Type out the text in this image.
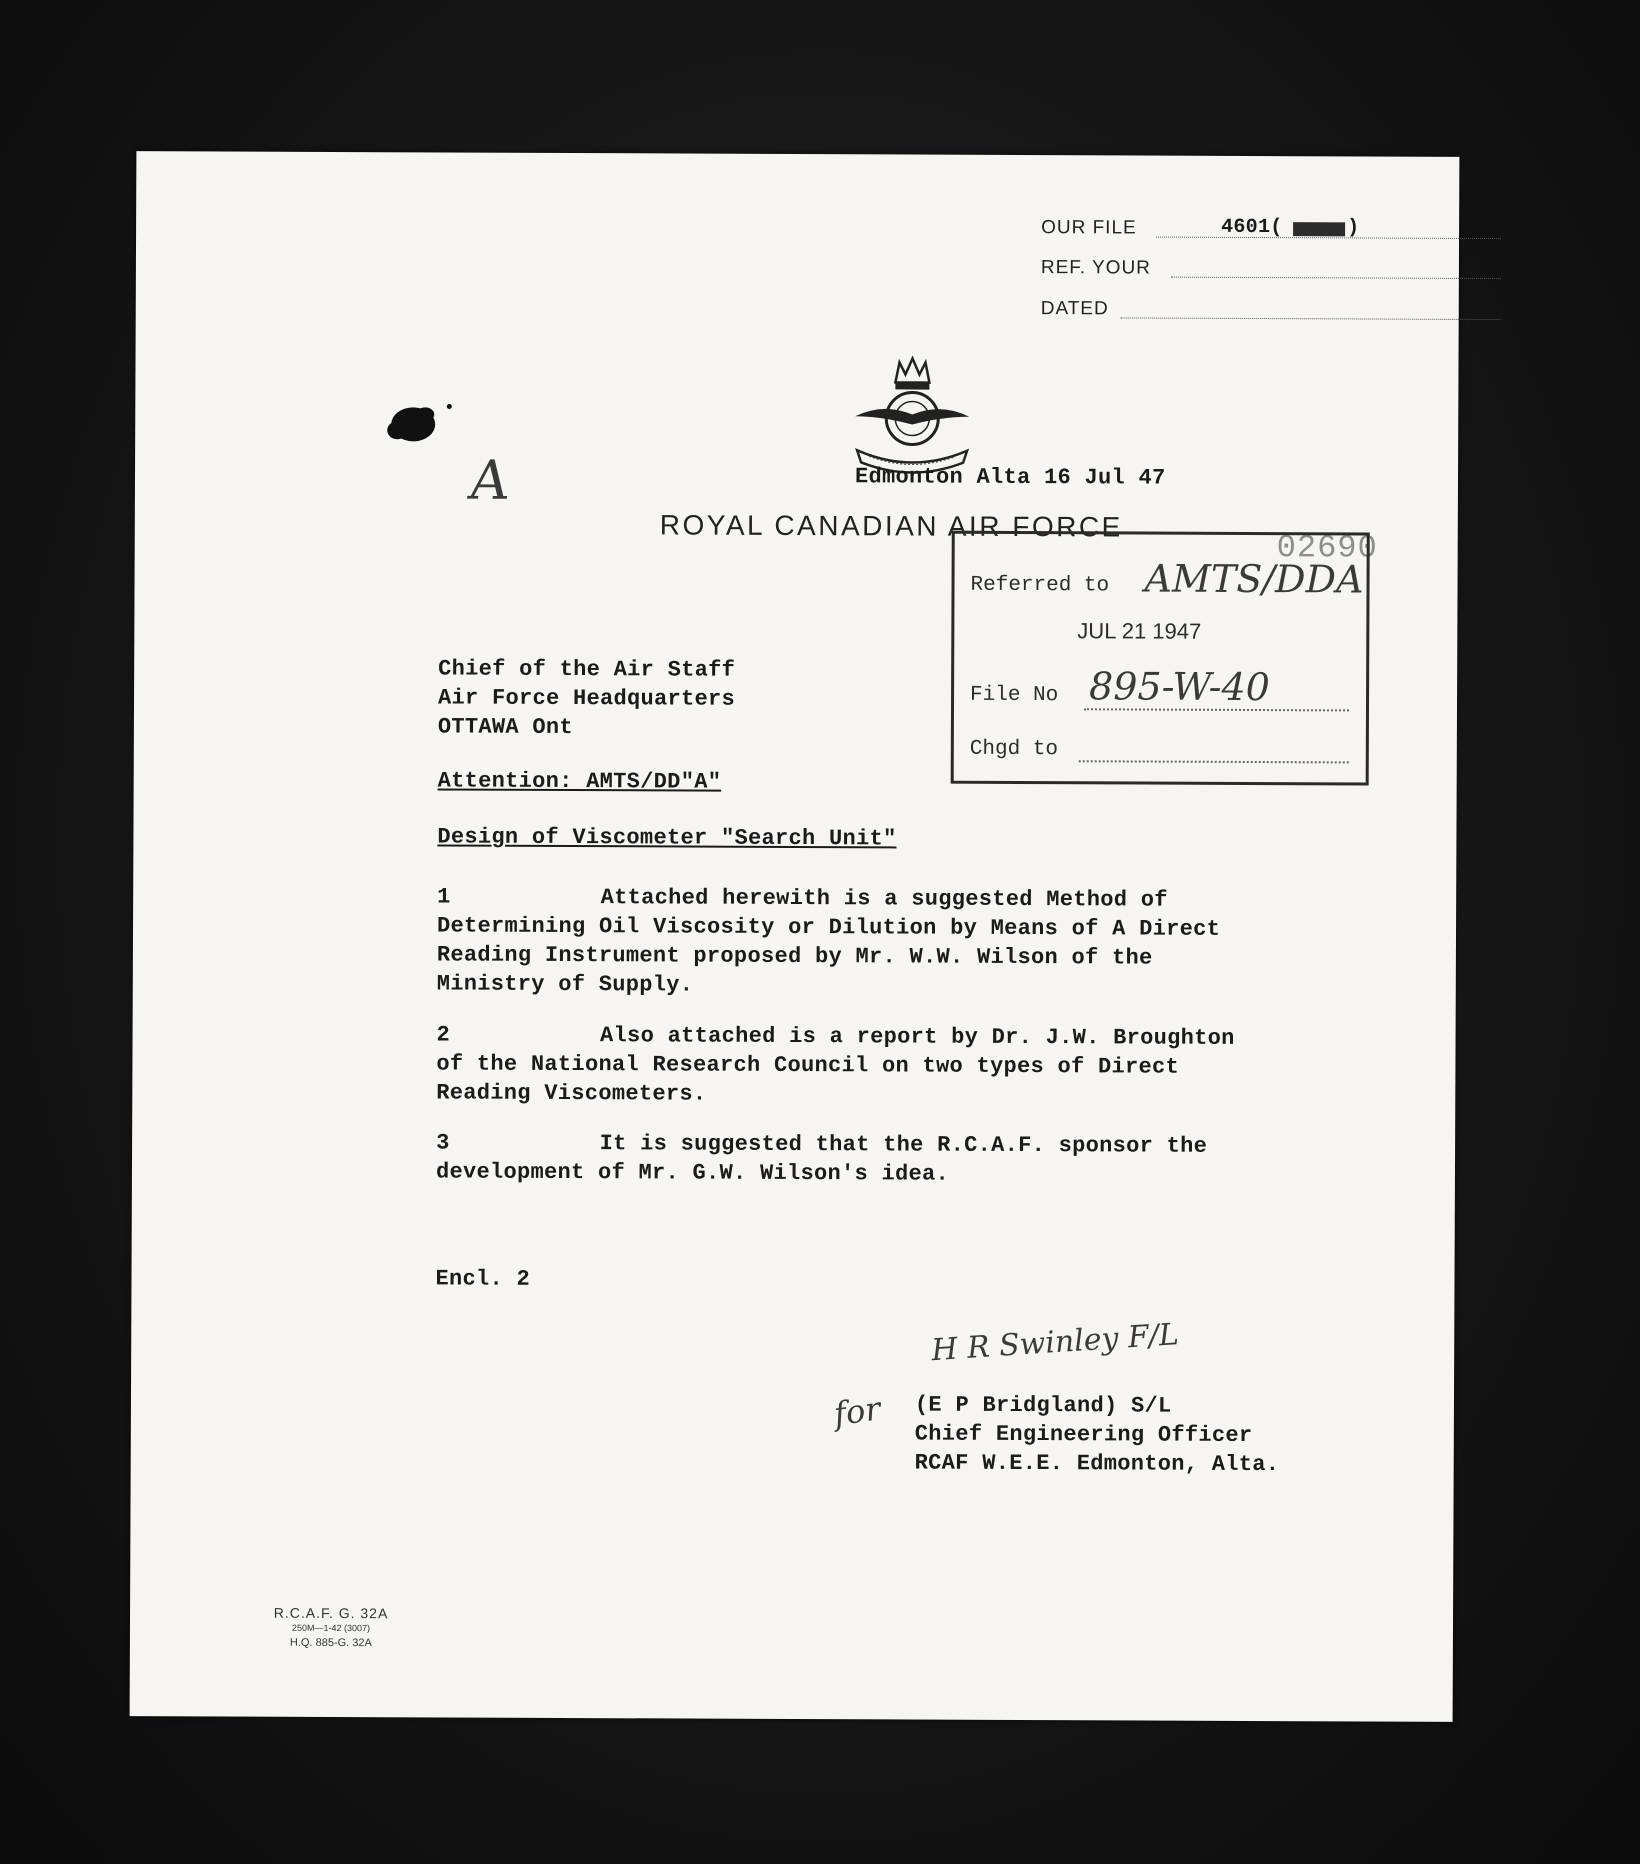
A
OUR FILE	4601(	)
REF. YOUR
DATED
ROYAL CANADIAN AIR FORCE
02690
Edmonton Alta 16 Jul 47
Referred to AMTS/DDA
JUL 21 1947
File No 895-W-40
Chgd to
Chief of the Air Staff
Air Force Headquarters
OTTAWA Ont
Attention: AMTS/DD"A"
Design of Viscometer "Search Unit"
1	Attached herewith is a suggested Method of
Determining Oil Viscosity or Dilution by Means of A Direct
Reading Instrument proposed by Mr. W.W. Wilson of the
Ministry of Supply.
2	Also attached is a report by Dr. J.W. Broughton
of the National Research Council on two types of Direct
Reading Viscometers.
3	It is suggested that the R.C.A.F. sponsor the
development of Mr. G.W. Wilson's idea.
Encl. 2
H R Swinley F/L
for (E P Bridgland) S/L
Chief Engineering Officer
RCAF W.E.E. Edmonton, Alta.
R.C.A.F. G. 32A
250M—1-42 (3007)
H.Q. 885-G. 32A
